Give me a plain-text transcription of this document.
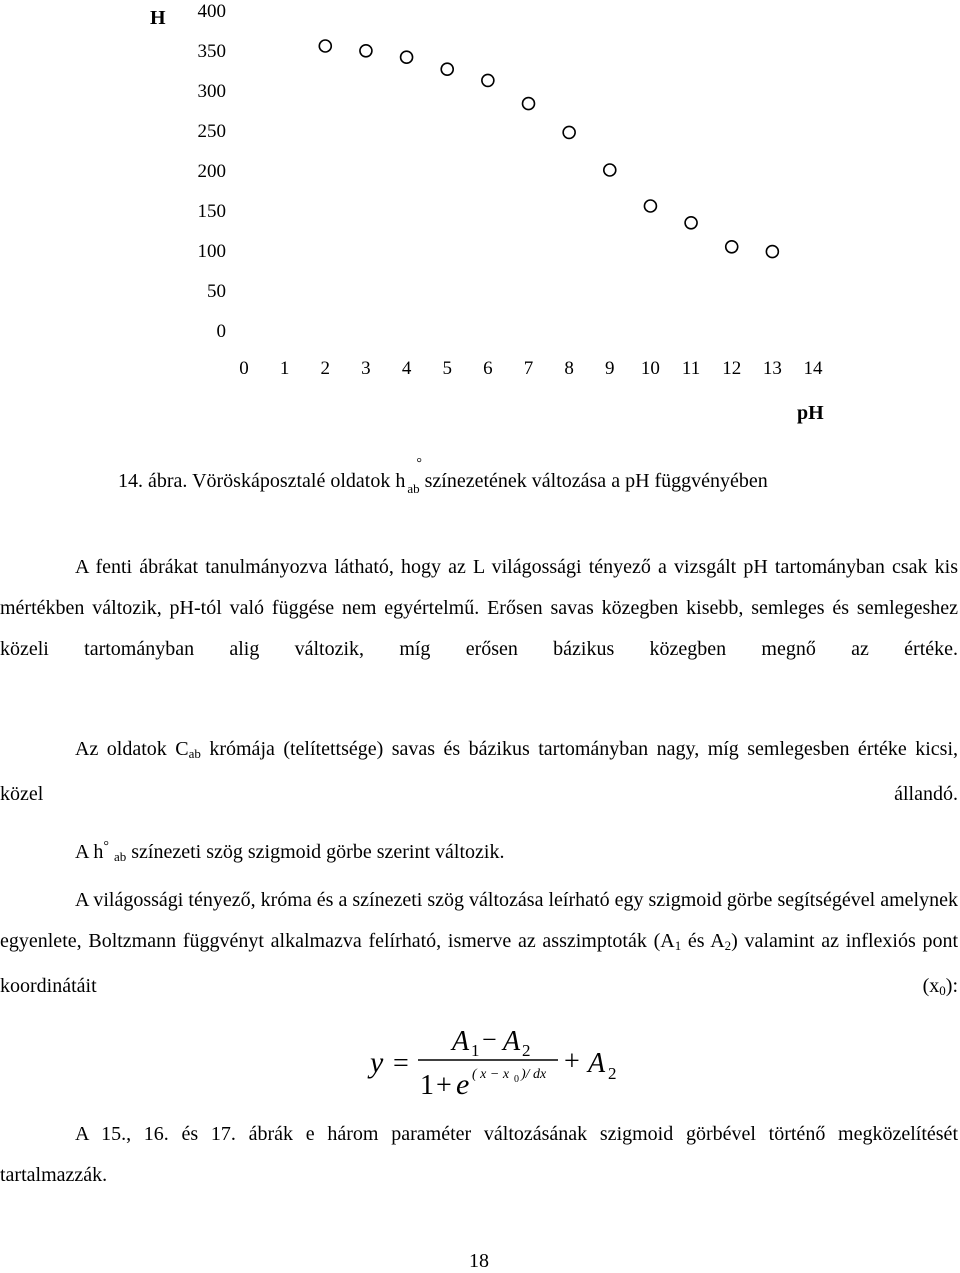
H
pH
400
350
300
250
200
150
100
50
0
0 1 2 3 4 5 6 7 8 9 10 11 12 13 14
14. ábra. Vöröskáposztalé oldatok h
°
$_{ab}$ színezetének változása a pH függvényében

A fenti ábrákat tanulmányozva látható, hogy az L világossági tényező a vizsgált pH tartományban csak kis mértékben változik, pH-tól való függése nem egyértelmű. Erősen savas közegben kisebb, semleges és semlegeshez közeli tartományban alig változik, míg erősen bázikus közegben megnő az értéke.

Az oldatok $C_{ab}$ krómája (telítettsége) savas és bázikus tartományban nagy, míg semlegesben értéke kicsi, közel állandó.

A h° $_{ab}$ színezeti szög szigmoid görbe szerint változik.

A világossági tényező, króma és a színezeti szög változása leírható egy szigmoid görbe segítségével amelynek egyenlete, Boltzmann függvényt alkalmazva felírható, ismerve az asszimptoták ($A_1$ és $A_2$) valamint az inflexiós pont koordinátáit $(x_0)$:

y =
A 1 − A 2
1 + e ( x − x 0 )/ dx + A 2

A 15., 16. és 17. ábrák e három paraméter változásának szigmoid görbével történő megközelítését tartalmazzák.

18
